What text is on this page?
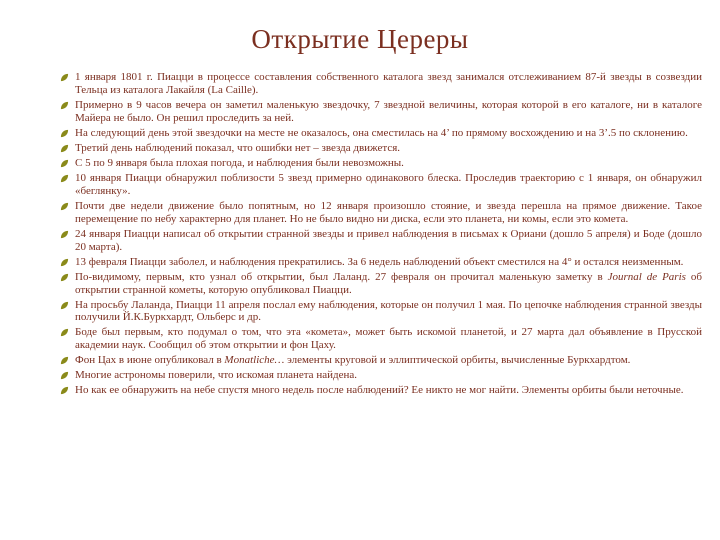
Открытие Цереры
1 января 1801 г. Пиацци в процессе составления собственного каталога звезд занимался отслеживанием 87-й звезды в созвездии Тельца из каталога Лакайля (La Caille).
Примерно в 9 часов вечера он заметил маленькую звездочку, 7 звездной величины, которая которой в его каталоге, ни в каталоге Майера не было. Он решил проследить за ней.
На следующий день этой звездочки на месте не оказалось, она сместилась на 4’ по прямому восхождению и на 3’.5 по склонению.
Третий день наблюдений показал, что ошибки нет – звезда движется.
С 5 по 9 января была плохая погода, и наблюдения были невозможны.
10 января Пиацци обнаружил поблизости 5 звезд примерно одинакового блеска. Проследив траекторию с 1 января, он обнаружил «беглянку».
Почти две недели движение было попятным, но 12 января произошло стояние, и звезда перешла на прямое движение. Такое перемещение по небу характерно для планет. Но не было видно ни диска, если это планета, ни комы, если это комета.
24 января Пиацци написал об открытии странной звезды и привел наблюдения в письмах к Ориани (дошло 5 апреля) и Боде (дошло 20 марта).
13 февраля Пиацци заболел, и наблюдения прекратились. За 6 недель наблюдений объект сместился на 4° и остался неизменным.
По-видимому, первым, кто узнал об открытии, был Лаланд. 27 февраля он прочитал маленькую заметку в Journal de Paris об открытии странной кометы, которую опубликовал Пиацци.
На просьбу Лаланда, Пиацци 11 апреля послал ему наблюдения, которые он получил 1 мая. По цепочке наблюдения странной звезды получили Й.К.Буркхардт, Ольберс и др.
Боде был первым, кто подумал о том, что эта «комета», может быть искомой планетой, и 27 марта дал объявление в Прусской академии наук. Сообщил об этом открытии и фон Цаху.
Фон Цах в июне опубликовал в Monatliche… элементы круговой и эллиптической орбиты, вычисленные Буркхардтом.
Многие астрономы поверили, что искомая планета найдена.
Но как ее обнаружить на небе спустя много недель после наблюдений? Ее никто не мог найти. Элементы орбиты были неточные.
